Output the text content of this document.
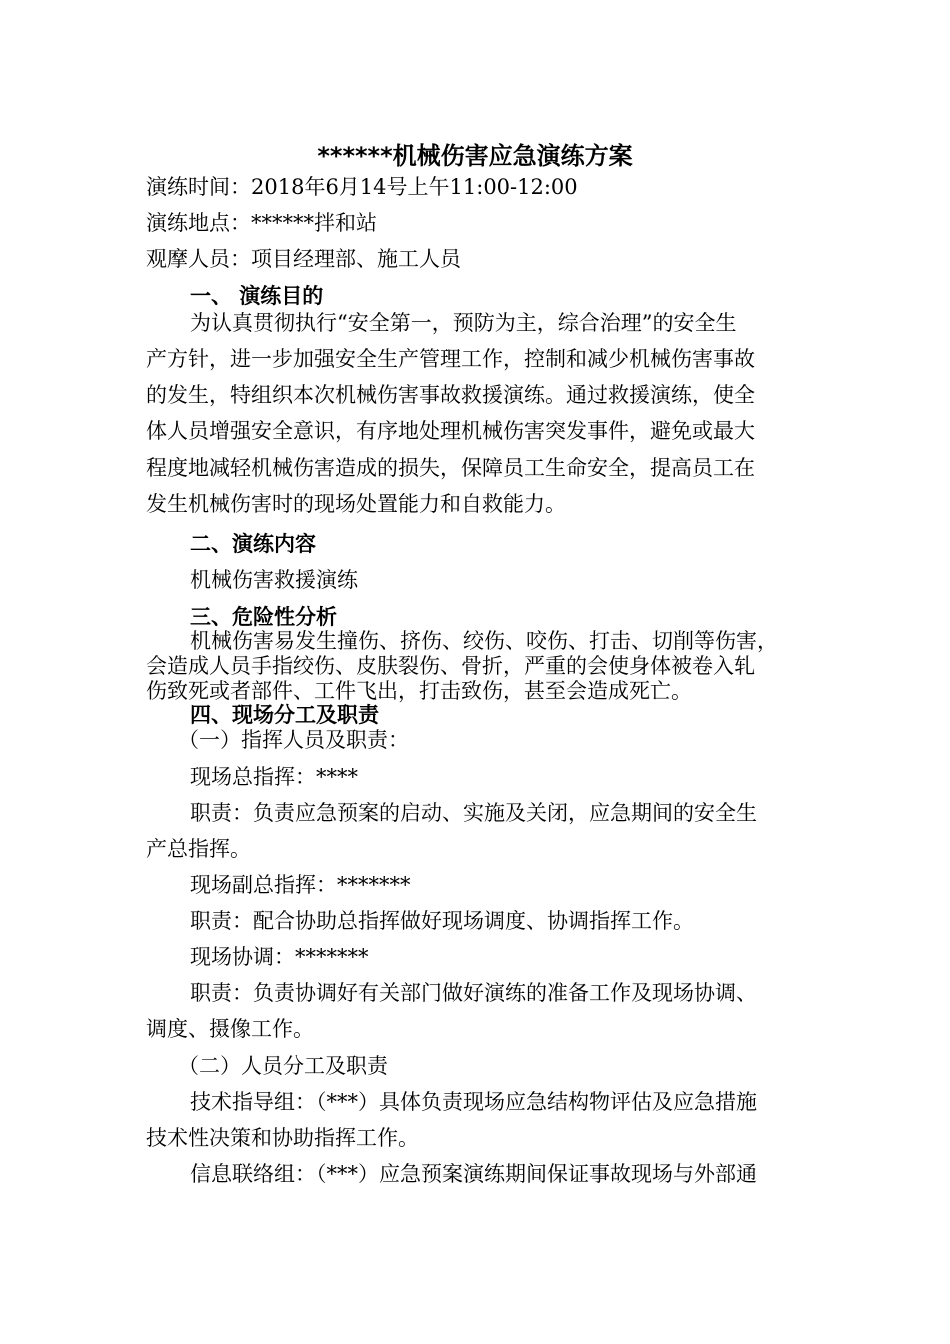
******机械伤害应急演练方案
演练时间：2018年6月14号上午11:00-12:00
演练地点：******拌和站
观摩人员：项目经理部、施工人员
一、 演练目的
为认真贯彻执行“安全第一，预防为主，综合治理”的安全生
产方针，进一步加强安全生产管理工作，控制和减少机械伤害事故
的发生，特组织本次机械伤害事故救援演练。通过救援演练，使全
体人员增强安全意识，有序地处理机械伤害突发事件，避免或最大
程度地减轻机械伤害造成的损失，保障员工生命安全，提高员工在
发生机械伤害时的现场处置能力和自救能力。
二、演练内容
机械伤害救援演练
三、危险性分析
机械伤害易发生撞伤、挤伤、绞伤、咬伤、打击、切削等伤害，
会造成人员手指绞伤、皮肤裂伤、骨折，严重的会使身体被卷入轧
伤致死或者部件、工件飞出，打击致伤，甚至会造成死亡。
四、现场分工及职责
（一）指挥人员及职责：
现场总指挥：****
职责：负责应急预案的启动、实施及关闭，应急期间的安全生
产总指挥。
现场副总指挥：*******
职责：配合协助总指挥做好现场调度、协调指挥工作。
现场协调：*******
职责：负责协调好有关部门做好演练的准备工作及现场协调、
调度、摄像工作。
（二）人员分工及职责
技术指导组：（***）具体负责现场应急结构物评估及应急措施
技术性决策和协助指挥工作。
信息联络组：（***）应急预案演练期间保证事故现场与外部通
